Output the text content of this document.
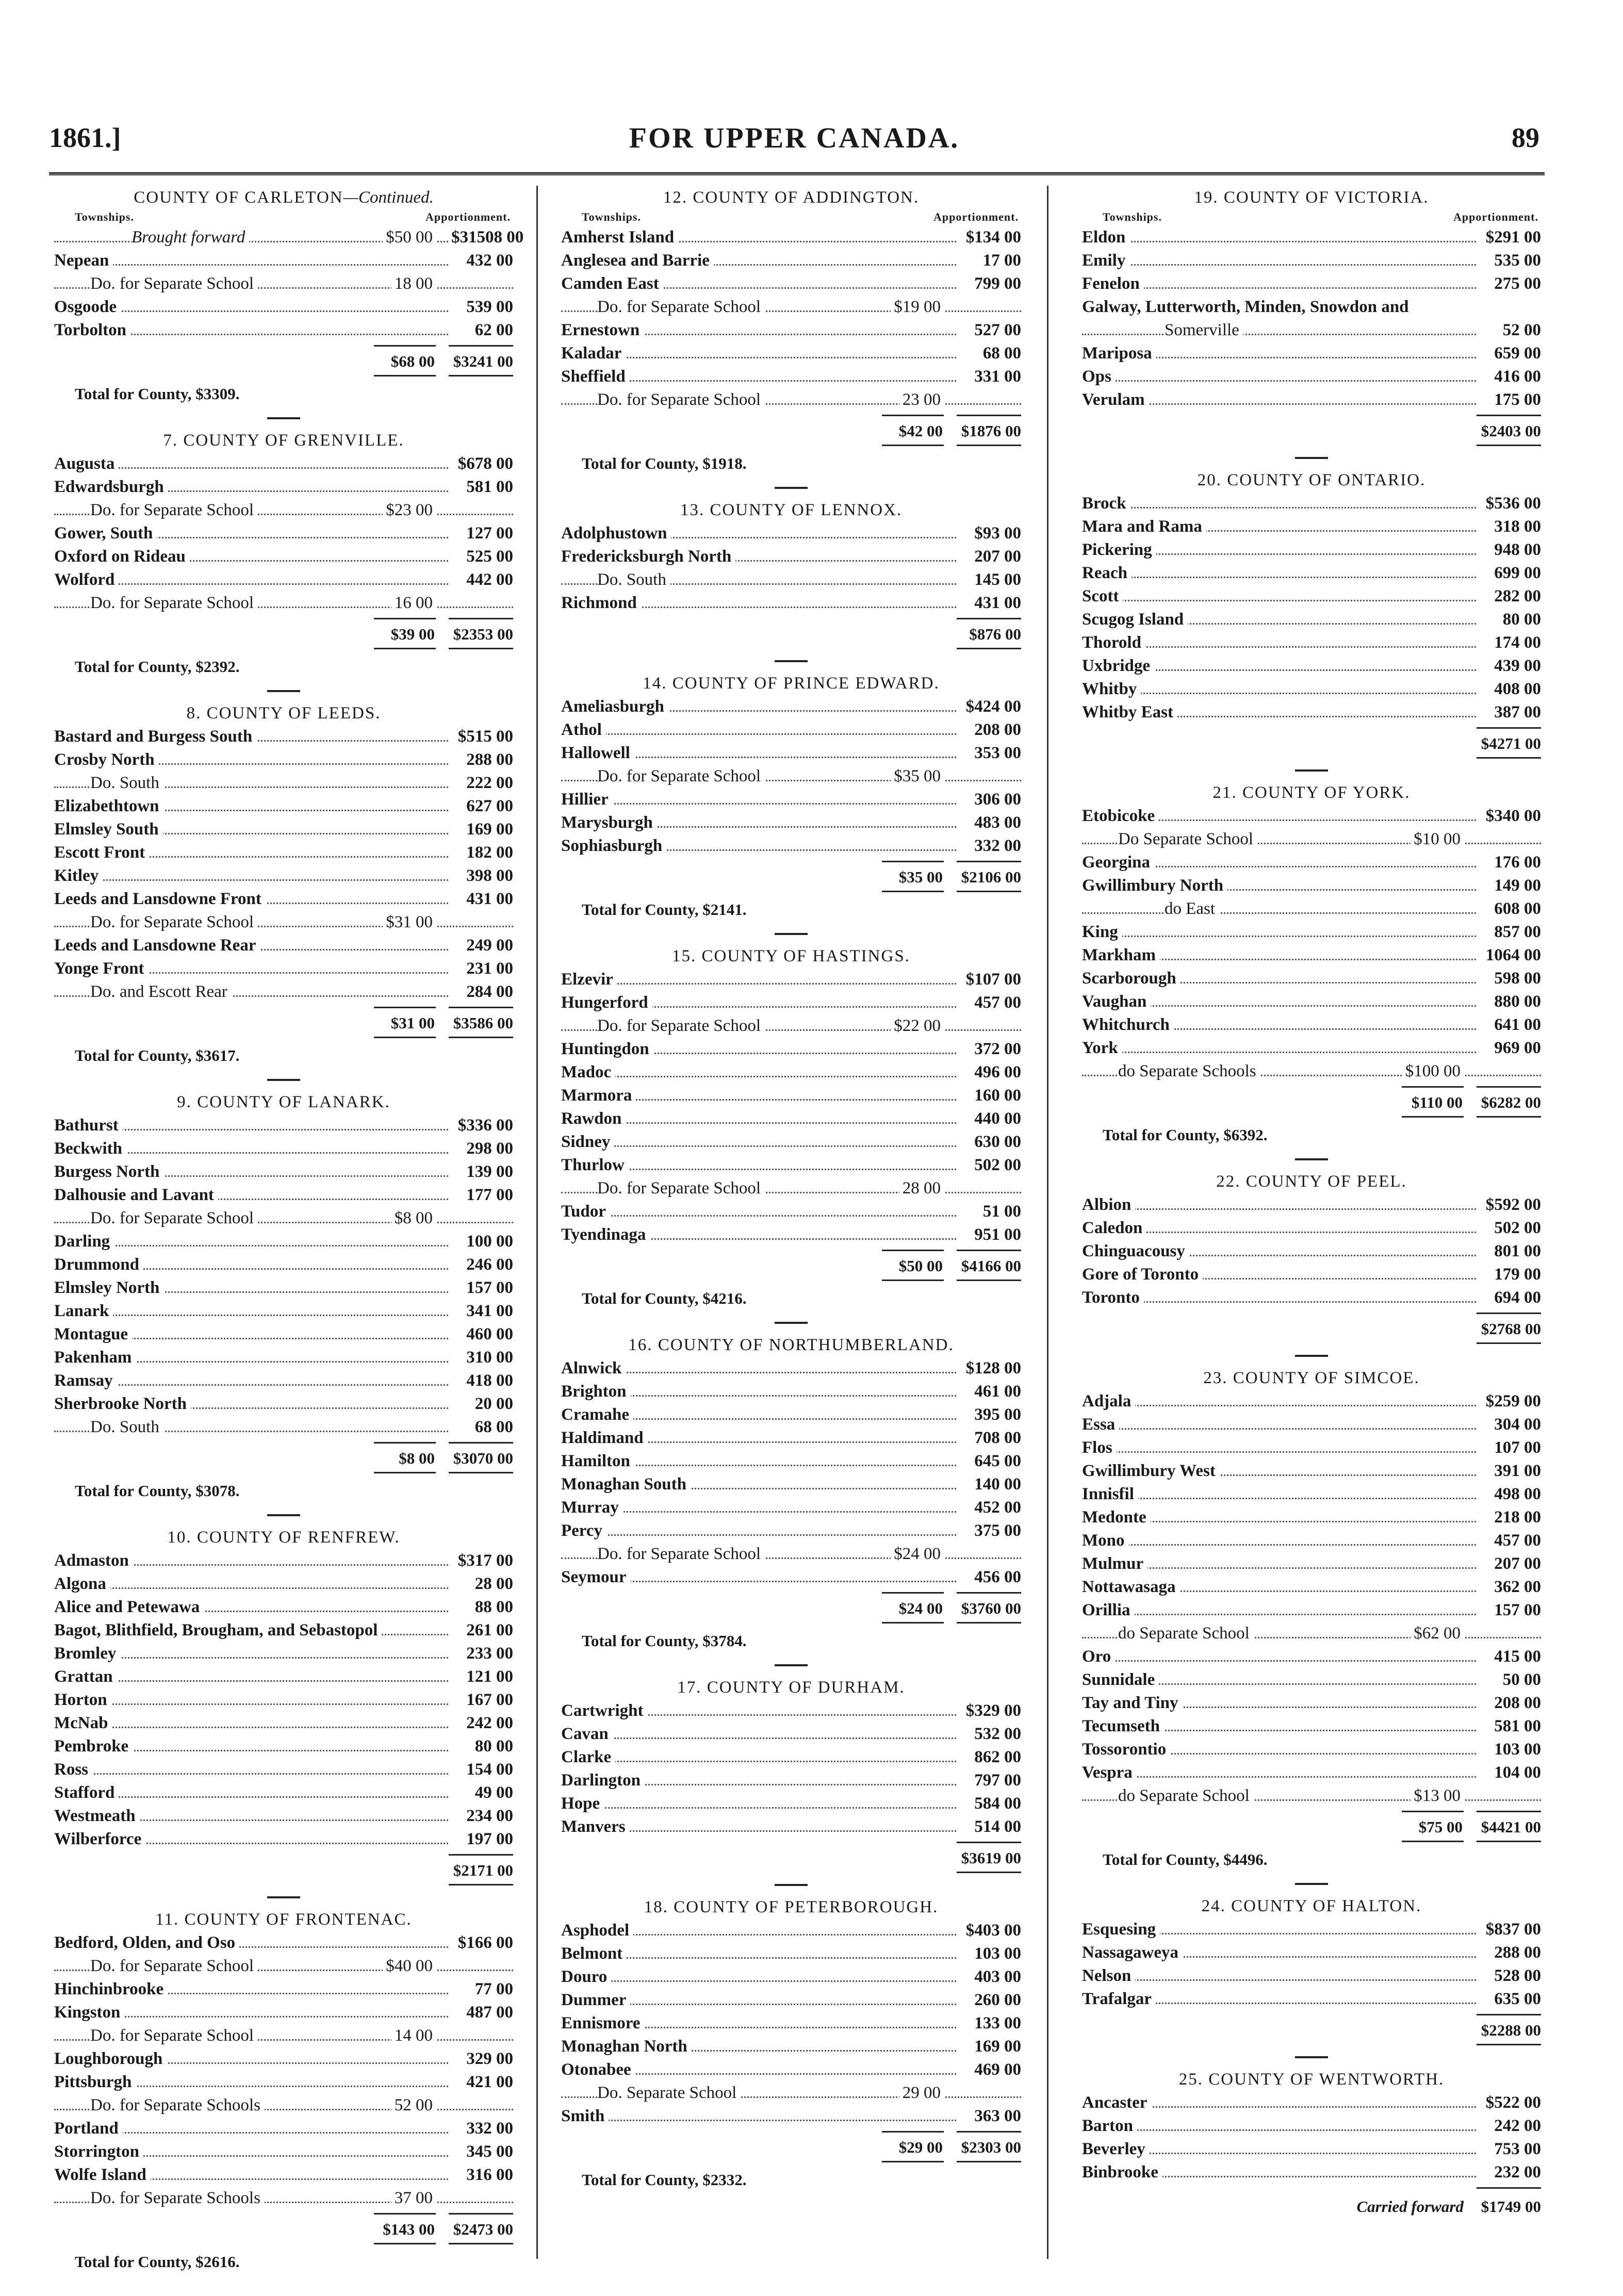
1861.]	FOR UPPER CANADA.	89
COUNTY OF CARLETON—Continued.
Townships.	Apportionment.
Brought forward	$50 00 $31508 00
Nepean	432 00
Do. for Separate School	18 00
Osgoode	539 00
Torbolton	62 00
$68 00 $3241 00
Total for County, $3309.
7. COUNTY OF GRENVILLE.
Augusta	$678 00
Edwardsburgh	581 00
Do. for Separate School	$23 00
Gower, South	127 00
Oxford on Rideau	525 00
Wolford	442 00
Do. for Separate School	16 00
$39 00 $2353 00
Total for County, $2392.
8. COUNTY OF LEEDS.
Bastard and Burgess South	$515 00
Crosby North	288 00
Do. South	222 00
Elizabethtown	627 00
Elmsley South	169 00
Escott Front	182 00
Kitley	398 00
Leeds and Lansdowne Front	431 00
Do. for Separate School	$31 00
Leeds and Lansdowne Rear	249 00
Yonge Front	231 00
Do. and Escott Rear	284 00
$31 00 $3586 00
Total for County, $3617.
9. COUNTY OF LANARK.
Bathurst	$336 00
Beckwith	298 00
Burgess North	139 00
Dalhousie and Lavant	177 00
Do. for Separate School	$8 00
Darling	100 00
Drummond	246 00
Elmsley North	157 00
Lanark	341 00
Montague	460 00
Pakenham	310 00
Ramsay	418 00
Sherbrooke North	20 00
Do. South	68 00
$8 00 $3070 00
Total for County, $3078.
10. COUNTY OF RENFREW.
Admaston	$317 00
Algona	28 00
Alice and Petewawa	88 00
Bagot, Blithfield, Brougham, and Sebastopol	261 00
Bromley	233 00
Grattan	121 00
Horton	167 00
McNab	242 00
Pembroke	80 00
Ross	154 00
Stafford	49 00
Westmeath	234 00
Wilberforce	197 00
$2171 00
11. COUNTY OF FRONTENAC.
Bedford, Olden, and Oso	$166 00
Do. for Separate School	$40 00
Hinchinbrooke	77 00
Kingston	487 00
Do. for Separate School	14 00
Loughborough	329 00
Pittsburgh	421 00
Do. for Separate Schools	52 00
Portland	332 00
Storrington	345 00
Wolfe Island	316 00
Do. for Separate Schools	37 00
$143 00 $2473 00
Total for County, $2616.
12. COUNTY OF ADDINGTON.
Townships.	Apportionment.
Amherst Island	$134 00
Anglesea and Barrie	17 00
Camden East	799 00
Do. for Separate School	$19 00
Ernestown	527 00
Kaladar	68 00
Sheffield	331 00
Do. for Separate School	23 00
$42 00 $1876 00
Total for County, $1918.
13. COUNTY OF LENNOX.
Adolphustown	$93 00
Fredericksburgh North	207 00
Do. South	145 00
Richmond	431 00
$876 00
14. COUNTY OF PRINCE EDWARD.
Ameliasburgh	$424 00
Athol	208 00
Hallowell	353 00
Do. for Separate School	$35 00
Hillier	306 00
Marysburgh	483 00
Sophiasburgh	332 00
$35 00 $2106 00
Total for County, $2141.
15. COUNTY OF HASTINGS.
Elzevir	$107 00
Hungerford	457 00
Do. for Separate School	$22 00
Huntingdon	372 00
Madoc	496 00
Marmora	160 00
Rawdon	440 00
Sidney	630 00
Thurlow	502 00
Do. for Separate School	28 00
Tudor	51 00
Tyendinaga	951 00
$50 00 $4166 00
Total for County, $4216.
16. COUNTY OF NORTHUMBERLAND.
Alnwick	$128 00
Brighton	461 00
Cramahe	395 00
Haldimand	708 00
Hamilton	645 00
Monaghan South	140 00
Murray	452 00
Percy	375 00
Do. for Separate School	$24 00
Seymour	456 00
$24 00 $3760 00
Total for County, $3784.
17. COUNTY OF DURHAM.
Cartwright	$329 00
Cavan	532 00
Clarke	862 00
Darlington	797 00
Hope	584 00
Manvers	514 00
$3619 00
18. COUNTY OF PETERBOROUGH.
Asphodel	$403 00
Belmont	103 00
Douro	403 00
Dummer	260 00
Ennismore	133 00
Monaghan North	169 00
Otonabee	469 00
Do. Separate School	29 00
Smith	363 00
$29 00 $2303 00
Total for County, $2332.
19. COUNTY OF VICTORIA.
Townships.	Apportionment.
Eldon	$291 00
Emily	535 00
Fenelon	275 00
Galway, Lutterworth, Minden, Snowdon and
Somerville	52 00
Mariposa	659 00
Ops	416 00
Verulam	175 00
$2403 00
20. COUNTY OF ONTARIO.
Brock	$536 00
Mara and Rama	318 00
Pickering	948 00
Reach	699 00
Scott	282 00
Scugog Island	80 00
Thorold	174 00
Uxbridge	439 00
Whitby	408 00
Whitby East	387 00
$4271 00
21. COUNTY OF YORK.
Etobicoke	$340 00
Do Separate School	$10 00
Georgina	176 00
Gwillimbury North	149 00
do East	608 00
King	857 00
Markham	1064 00
Scarborough	598 00
Vaughan	880 00
Whitchurch	641 00
York	969 00
do Separate Schools	$100 00
$110 00 $6282 00
Total for County, $6392.
22. COUNTY OF PEEL.
Albion	$592 00
Caledon	502 00
Chinguacousy	801 00
Gore of Toronto	179 00
Toronto	694 00
$2768 00
23. COUNTY OF SIMCOE.
Adjala	$259 00
Essa	304 00
Flos	107 00
Gwillimbury West	391 00
Innisfil	498 00
Medonte	218 00
Mono	457 00
Mulmur	207 00
Nottawasaga	362 00
Orillia	157 00
do Separate School	$62 00
Oro	415 00
Sunnidale	50 00
Tay and Tiny	208 00
Tecumseth	581 00
Tossorontio	103 00
Vespra	104 00
do Separate School	$13 00
$75 00 $4421 00
Total for County, $4496.
24. COUNTY OF HALTON.
Esquesing	$837 00
Nassagaweya	288 00
Nelson	528 00
Trafalgar	635 00
$2288 00
25. COUNTY OF WENTWORTH.
Ancaster	$522 00
Barton	242 00
Beverley	753 00
Binbrooke	232 00
Carried forward $1749 00
